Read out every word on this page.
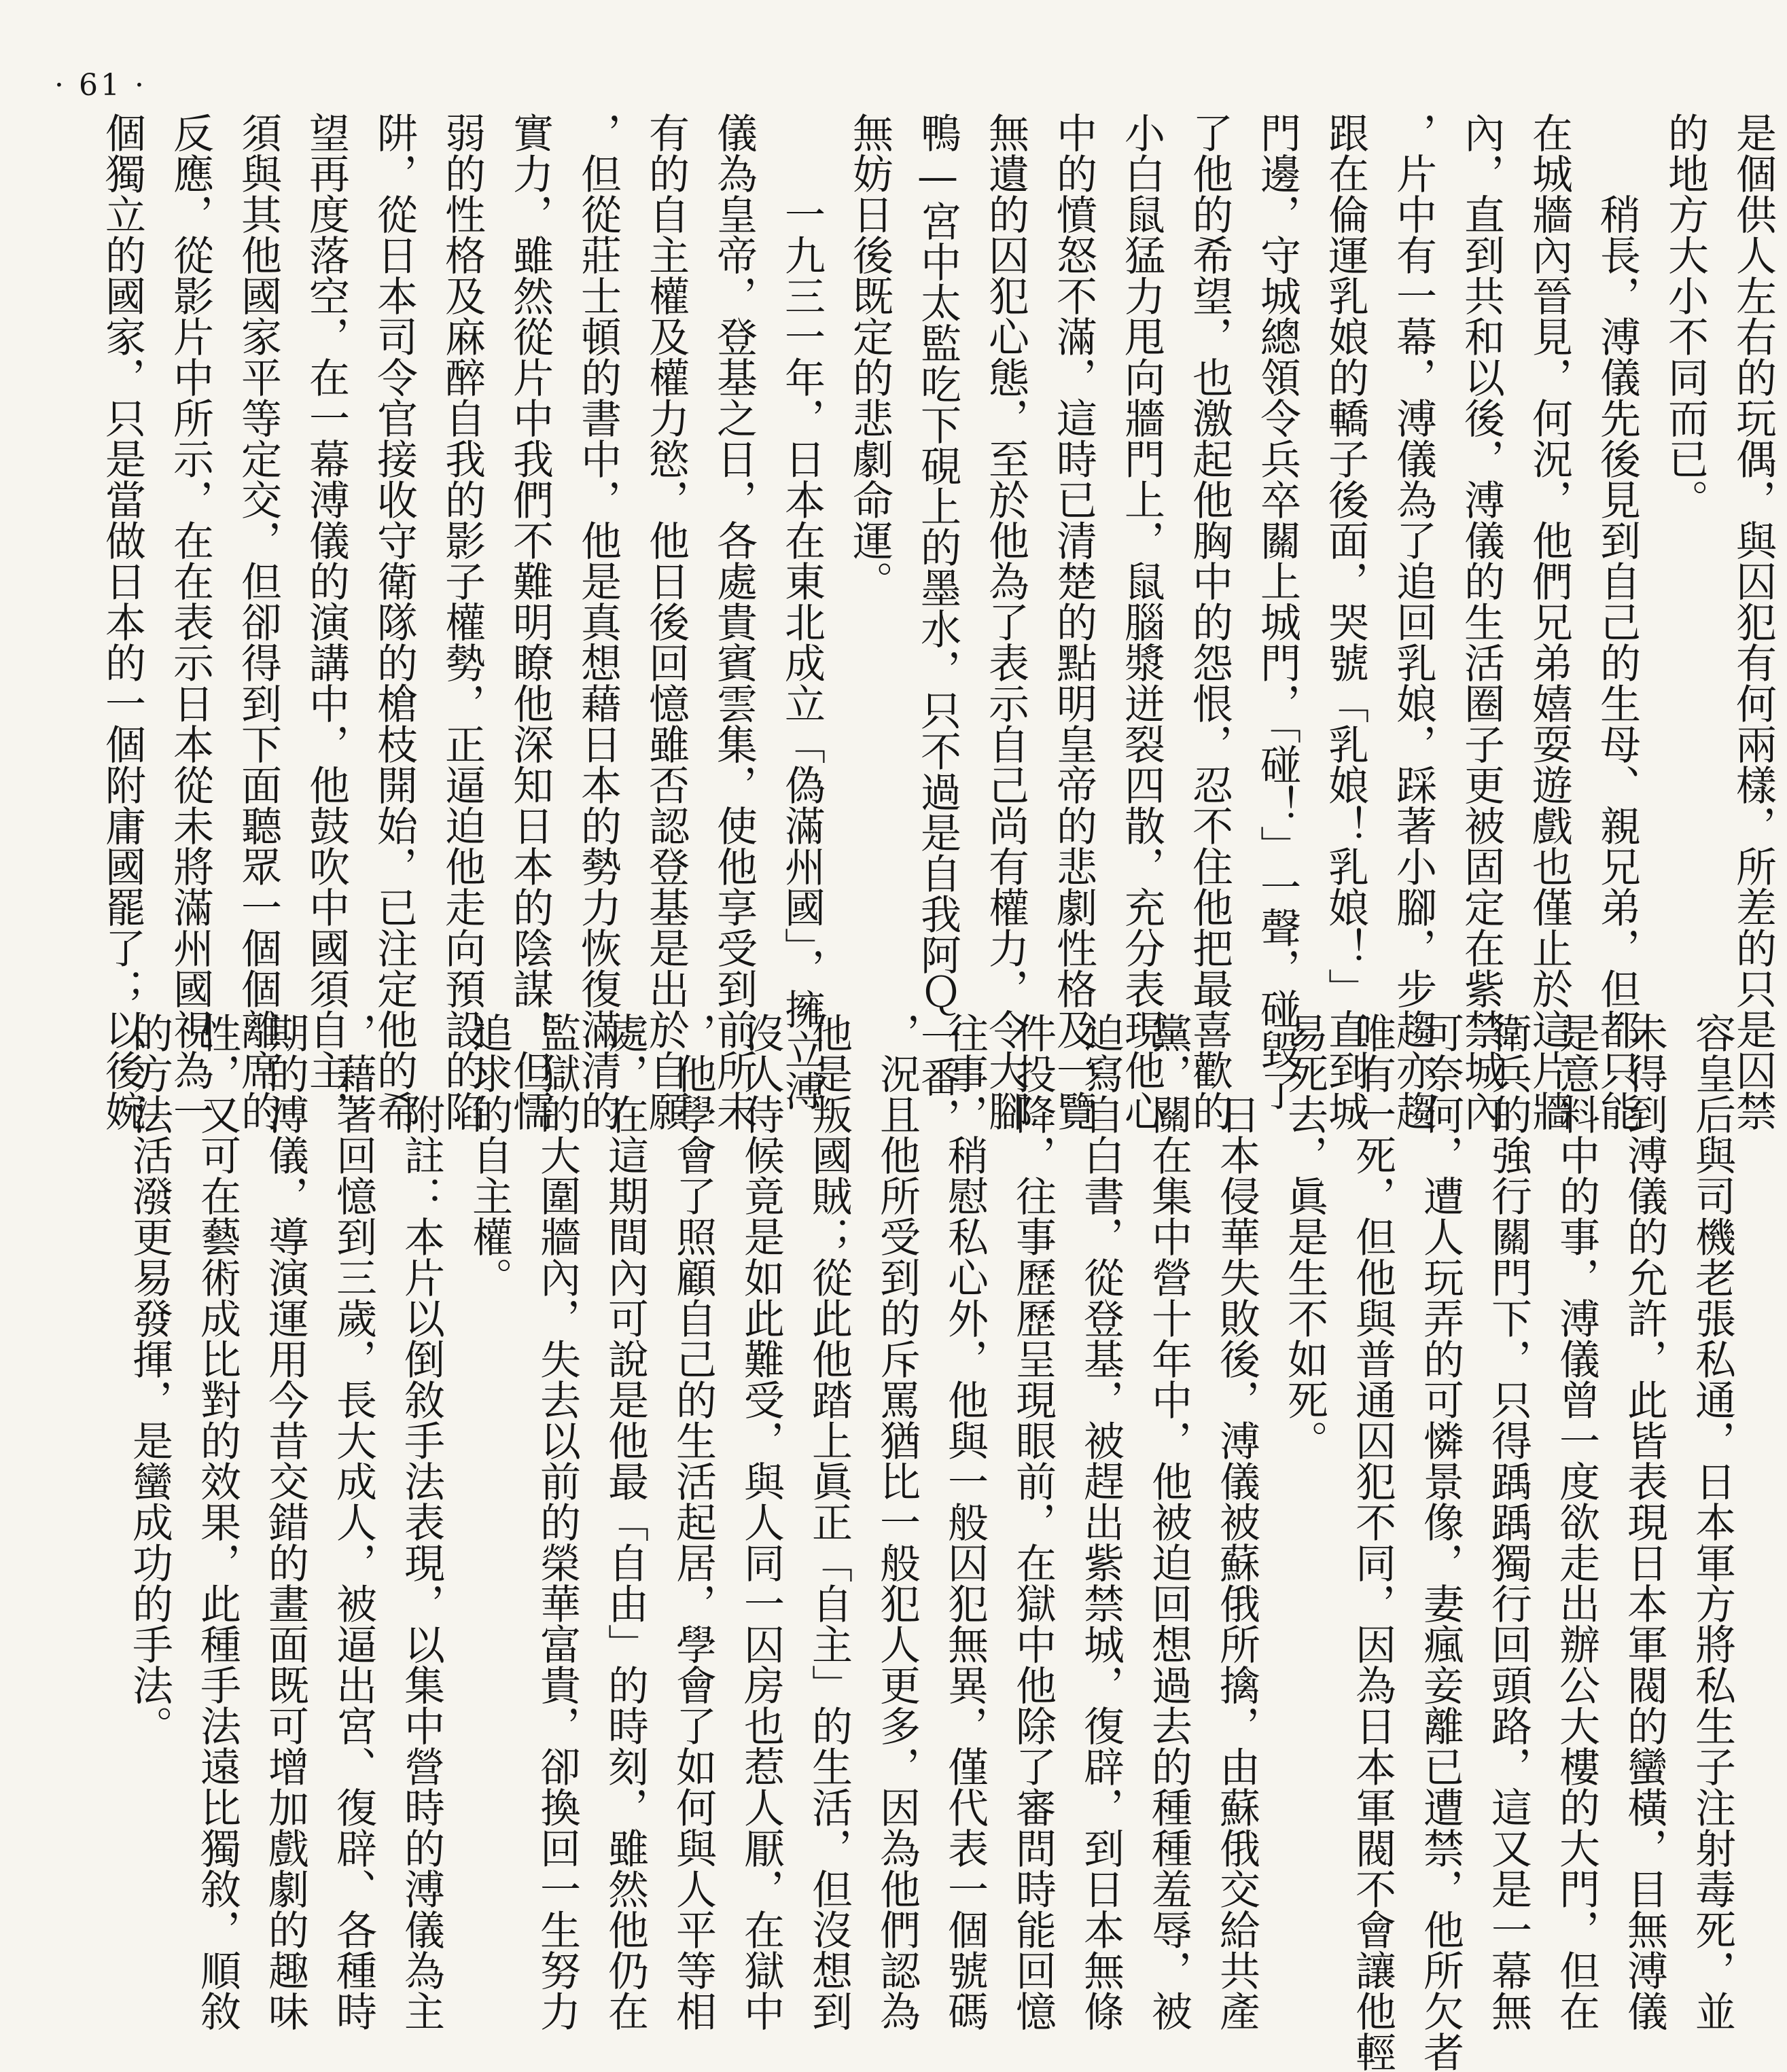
· 61 ·
是個供人左右的玩偶，與囚犯有何兩樣，所差的只是囚禁
的地方大小不同而已。
稍長，溥儀先後見到自己的生母、親兄弟，但都只能
在城牆內晉見，何況，他們兄弟嬉耍遊戲也僅止於這片牆
內，直到共和以後，溥儀的生活圈子更被固定在紫禁城內
，片中有一幕，溥儀為了追回乳娘，踩著小腳，步趨亦趨
跟在倫運乳娘的轎子後面，哭號「乳娘！乳娘！」直到城
門邊，守城總領令兵卒關上城門，「碰！」一聲，碰毀了
了他的希望，也激起他胸中的怨恨，忍不住他把最喜歡的
小白鼠猛力甩向牆門上，鼠腦漿迸裂四散，充分表現他心
中的憤怒不滿，這時已清楚的點明皇帝的悲劇性格及一覽
無遺的囚犯心態，至於他為了表示自己尚有權力，令大腳
鴨—宮中太監吃下硯上的墨水，只不過是自我阿Ｑ一番，
無妨日後既定的悲劇命運。
一九三一年，日本在東北成立「偽滿州國」，擁立溥
儀為皇帝，登基之日，各處貴賓雲集，使他享受到前所未
有的自主權及權力慾，他日後回憶雖否認登基是出於自願
，但從莊士頓的書中，他是真想藉日本的勢力恢復滿清的
實力，雖然從片中我們不難明瞭他深知日本的陰謀，但懦
弱的性格及麻醉自我的影子權勢，正逼迫他走向預設的陷
阱，從日本司令官接收守衛隊的槍枝開始，已注定他的希
望再度落空，在一幕溥儀的演講中，他鼓吹中國須自主，
須與其他國家平等定交，但卻得到下面聽眾一個個離席的
反應，從影片中所示，在在表示日本從未將滿州國視為一
個獨立的國家，只是當做日本的一個附庸國罷了；以後婉
容皇后與司機老張私通，日本軍方將私生子注射毒死，並
未得到溥儀的允許，此皆表現日本軍閥的蠻橫，目無溥儀
是意料中的事，溥儀曾一度欲走出辦公大樓的大門，但在
衛兵的強行關門下，只得踽踽獨行回頭路，這又是一幕無
可奈何，遭人玩弄的可憐景像，妻瘋妾離已遭禁，他所欠者
唯有一死，但他與普通囚犯不同，因為日本軍閥不會讓他輕
易死去，眞是生不如死。
日本侵華失敗後，溥儀被蘇俄所擒，由蘇俄交給共產
黨，關在集中營十年中，他被迫回想過去的種種羞辱，被
迫寫自白書，從登基，被趕出紫禁城，復辟，到日本無條
件投降，往事歷歷呈現眼前，在獄中他除了審問時能回憶
往事，稍慰私心外，他與一般囚犯無異，僅代表一個號碼
，況且他所受到的斥罵猶比一般犯人更多，因為他們認為
他是叛國賊；從此他踏上眞正「自主」的生活，但沒想到
沒人侍候竟是如此難受，與人同一囚房也惹人厭，在獄中
，他學會了照顧自己的生活起居，學會了如何與人平等相
處，在這期間內可說是他最「自由」的時刻，雖然他仍在
監獄的大圍牆內，失去以前的榮華富貴，卻換回一生努力
追求的自主權。
附註：本片以倒敘手法表現，以集中營時的溥儀為主
，藉著回憶到三歲，長大成人，被逼出宮、復辟、各種時
期的溥儀，導演運用今昔交錯的畫面既可增加戲劇的趣味
性，又可在藝術成比對的效果，此種手法遠比獨敘，順敘
的方法活潑更易發揮，是蠻成功的手法。
